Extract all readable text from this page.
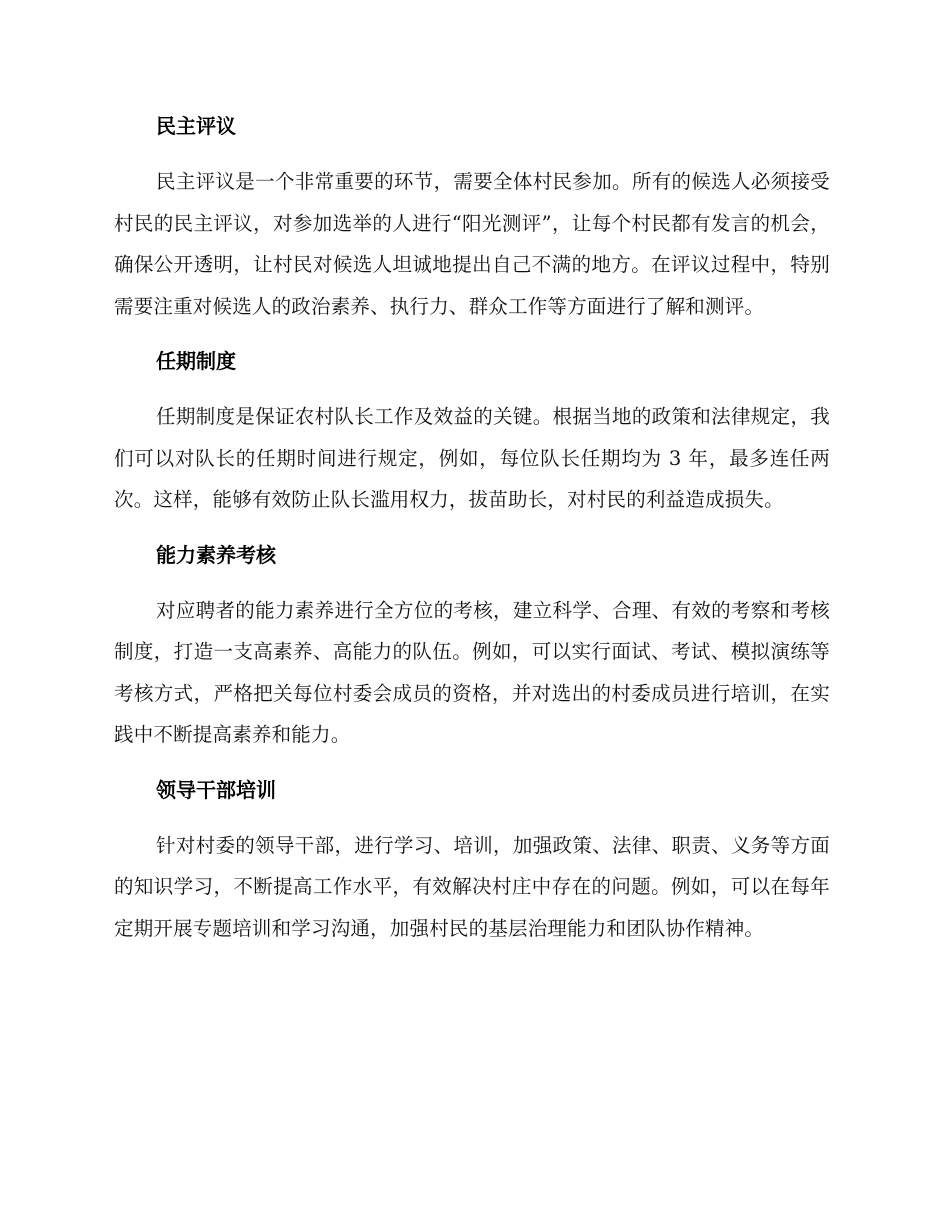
民主评议

民主评议是一个非常重要的环节，需要全体村民参加。所有的候选人必须接受村民的民主评议，对参加选举的人进行“阳光测评”，让每个村民都有发言的机会，确保公开透明，让村民对候选人坦诚地提出自己不满的地方。在评议过程中，特别需要注重对候选人的政治素养、执行力、群众工作等方面进行了解和测评。

任期制度

任期制度是保证农村队长工作及效益的关键。根据当地的政策和法律规定，我们可以对队长的任期时间进行规定，例如，每位队长任期均为 3 年，最多连任两次。这样，能够有效防止队长滥用权力，拔苗助长，对村民的利益造成损失。

能力素养考核

对应聘者的能力素养进行全方位的考核，建立科学、合理、有效的考察和考核制度，打造一支高素养、高能力的队伍。例如，可以实行面试、考试、模拟演练等考核方式，严格把关每位村委会成员的资格，并对选出的村委成员进行培训，在实践中不断提高素养和能力。

领导干部培训

针对村委的领导干部，进行学习、培训，加强政策、法律、职责、义务等方面的知识学习，不断提高工作水平，有效解决村庄中存在的问题。例如，可以在每年定期开展专题培训和学习沟通，加强村民的基层治理能力和团队协作精神。
